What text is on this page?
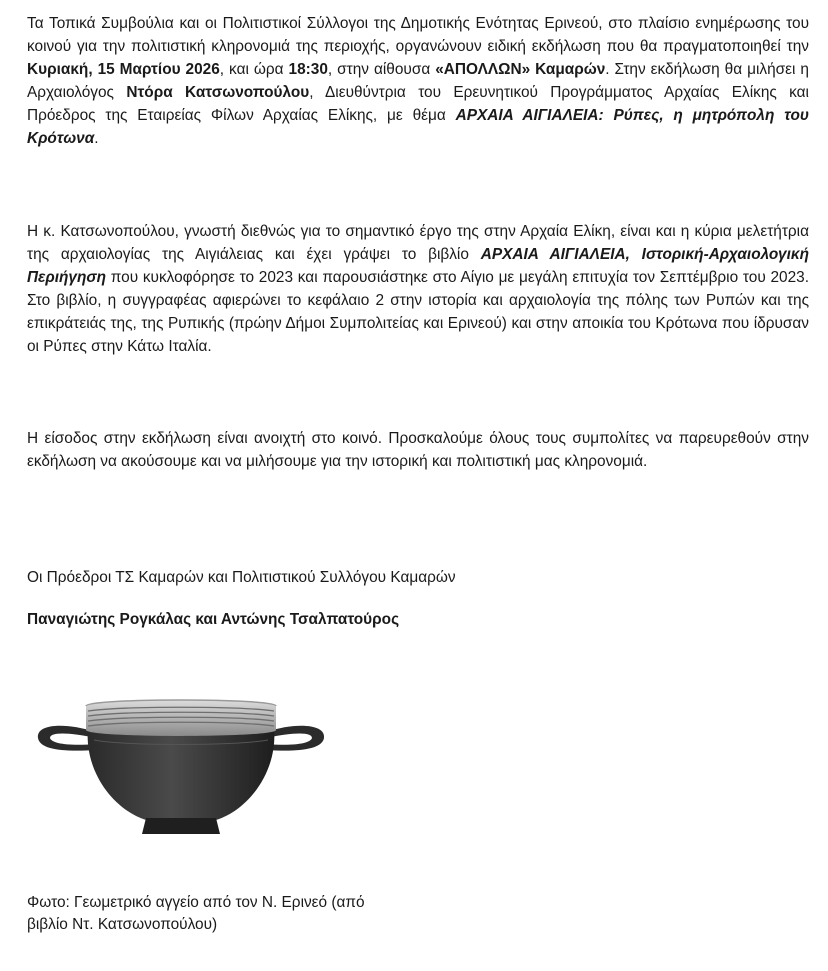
Τα Τοπικά Συμβούλια και οι Πολιτιστικοί Σύλλογοι της Δημοτικής Ενότητας Ερινεού, στο πλαίσιο ενημέρωσης του κοινού για την πολιτιστική κληρονομιά της περιοχής, οργανώνουν ειδική εκδήλωση που θα πραγματοποιηθεί την Κυριακή, 15 Μαρτίου 2026, και ώρα 18:30, στην αίθουσα «ΑΠΟΛΛΩΝ» Καμαρών. Στην εκδήλωση θα μιλήσει η Αρχαιολόγος Ντόρα Κατσωνοπούλου, Διευθύντρια του Ερευνητικού Προγράμματος Αρχαίας Ελίκης και Πρόεδρος της Εταιρείας Φίλων Αρχαίας Ελίκης, με θέμα ΑΡΧΑΙΑ ΑΙΓΙΑΛΕΙΑ: Ρύπες, η μητρόπολη του Κρότωνα.

Η κ. Κατσωνοπούλου, γνωστή διεθνώς για το σημαντικό έργο της στην Αρχαία Ελίκη, είναι και η κύρια μελετήτρια της αρχαιολογίας της Αιγιάλειας και έχει γράψει το βιβλίο ΑΡΧΑΙΑ ΑΙΓΙΑΛΕΙΑ, Ιστορική-Αρχαιολογική Περιήγηση που κυκλοφόρησε το 2023 και παρουσιάστηκε στο Αίγιο με μεγάλη επιτυχία τον Σεπτέμβριο του 2023. Στο βιβλίο, η συγγραφέας αφιερώνει το κεφάλαιο 2 στην ιστορία και αρχαιολογία της πόλης των Ρυπών και της επικράτειάς της, της Ρυπικής (πρώην Δήμοι Συμπολιτείας και Ερινεού) και στην αποικία του Κρότωνα που ίδρυσαν οι Ρύπες στην Κάτω Ιταλία.

Η είσοδος στην εκδήλωση είναι ανοιχτή στο κοινό. Προσκαλούμε όλους τους συμπολίτες να παρευρεθούν στην εκδήλωση να ακούσουμε και να μιλήσουμε για την ιστορική και πολιτιστική μας κληρονομιά.

Οι Πρόεδροι ΤΣ Καμαρών και Πολιτιστικού Συλλόγου Καμαρών
Παναγιώτης Ρογκάλας και Αντώνης Τσαλπατούρος
Φωτο: Γεωμετρικό αγγείο από τον Ν. Ερινεό (από
βιβλίο Ντ. Κατσωνοπούλου)
